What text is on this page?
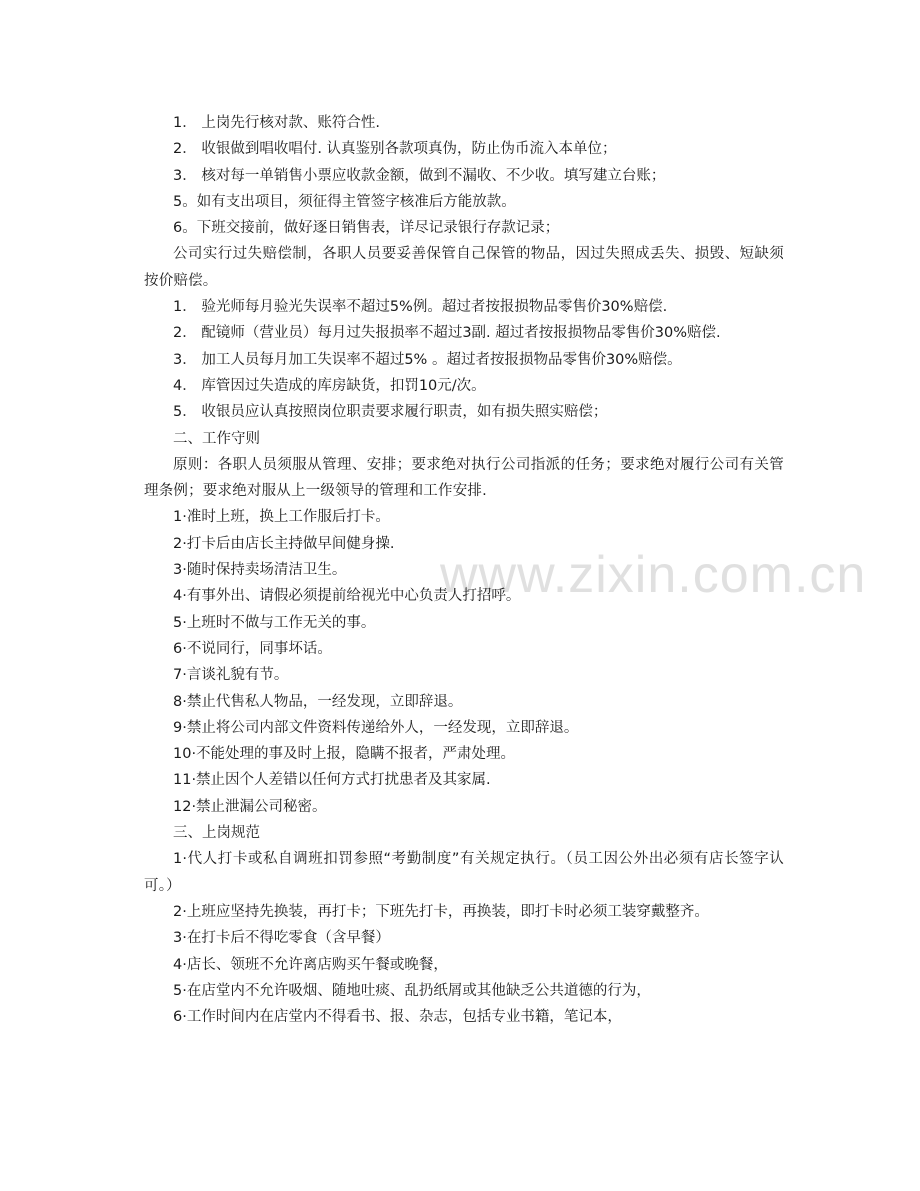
www.zixin.com.cn
1． 上岗先行核对款、账符合性.
2． 收银做到唱收唱付. 认真鉴别各款项真伪，防止伪币流入本单位；
3． 核对每一单销售小票应收款金额，做到不漏收、不少收。填写建立台账；
5。如有支出项目，须征得主管签字核准后方能放款。
6。下班交接前，做好逐日销售表，详尽记录银行存款记录；
公司实行过失赔偿制，各职人员要妥善保管自己保管的物品，因过失照成丢失、损毁、短缺须按价赔偿。
1． 验光师每月验光失误率不超过5%例。超过者按报损物品零售价30%赔偿.
2． 配镜师（营业员）每月过失报损率不超过3副. 超过者按报损物品零售价30%赔偿.
3． 加工人员每月加工失误率不超过5% 。超过者按报损物品零售价30%赔偿。
4． 库管因过失造成的库房缺货，扣罚10元/次。
5． 收银员应认真按照岗位职责要求履行职责，如有损失照实赔偿；
二、工作守则
原则：各职人员须服从管理、安排；要求绝对执行公司指派的任务；要求绝对履行公司有关管理条例；要求绝对服从上一级领导的管理和工作安排.
1·准时上班，换上工作服后打卡。
2·打卡后由店长主持做早间健身操.
3·随时保持卖场清洁卫生。
4·有事外出、请假必须提前给视光中心负责人打招呼。
5·上班时不做与工作无关的事。
6·不说同行，同事坏话。
7·言谈礼貌有节。
8·禁止代售私人物品，一经发现，立即辞退。
9·禁止将公司内部文件资料传递给外人，一经发现，立即辞退。
10·不能处理的事及时上报，隐瞒不报者，严肃处理。
11·禁止因个人差错以任何方式打扰患者及其家属.
12·禁止泄漏公司秘密。
三、上岗规范
1·代人打卡或私自调班扣罚参照“考勤制度”有关规定执行。（员工因公外出必须有店长签字认可。）
2·上班应坚持先换装，再打卡；下班先打卡，再换装，即打卡时必须工装穿戴整齐。
3·在打卡后不得吃零食（含早餐）
4·店长、领班不允许离店购买午餐或晚餐，
5·在店堂内不允许吸烟、随地吐痰、乱扔纸屑或其他缺乏公共道德的行为，
6·工作时间内在店堂内不得看书、报、杂志，包括专业书籍，笔记本，
